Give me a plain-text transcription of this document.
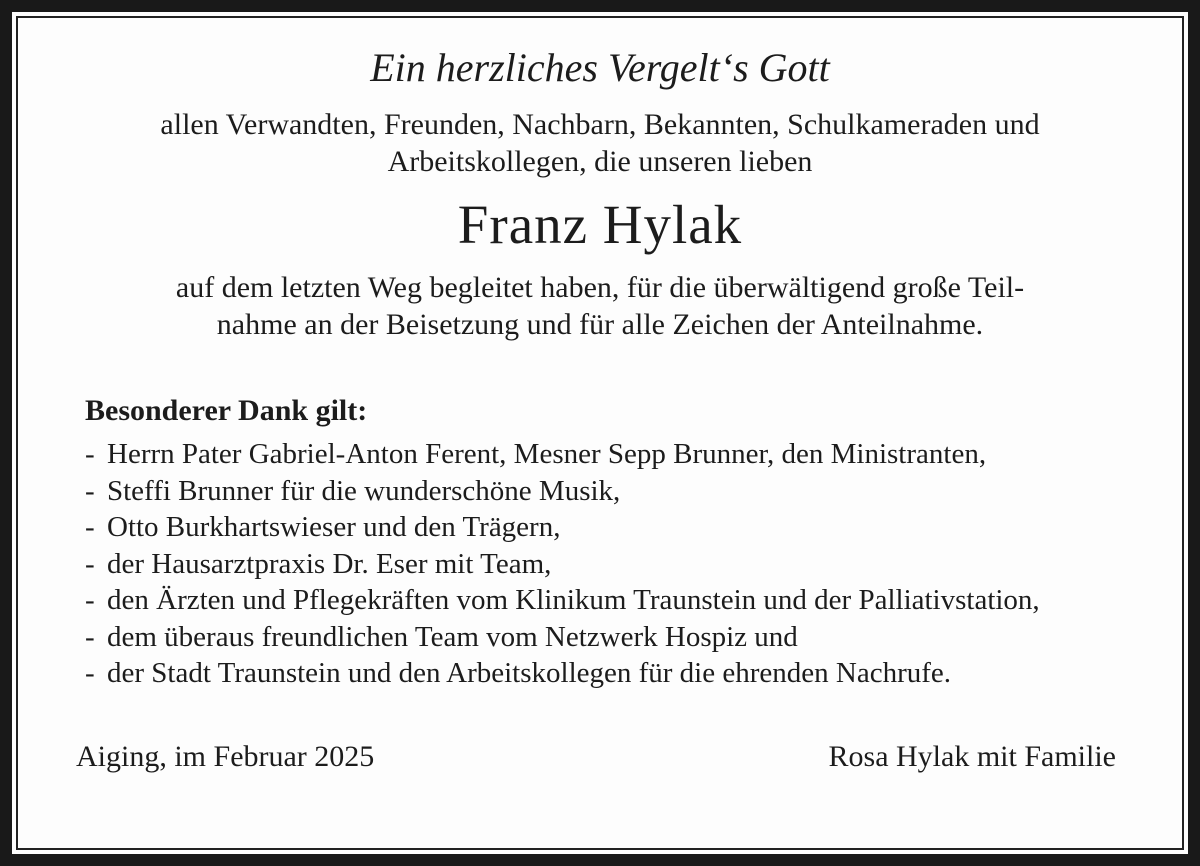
Ein herzliches Vergelt‘s Gott
allen Verwandten, Freunden, Nachbarn, Bekannten, Schulkameraden und
Arbeitskollegen, die unseren lieben
Franz Hylak
auf dem letzten Weg begleitet haben, für die überwältigend große Teil-
nahme an der Beisetzung und für alle Zeichen der Anteilnahme.
Besonderer Dank gilt:
- Herrn Pater Gabriel-Anton Ferent, Mesner Sepp Brunner, den Ministranten,
- Steffi Brunner für die wunderschöne Musik,
- Otto Burkhartswieser und den Trägern,
- der Hausarztpraxis Dr. Eser mit Team,
- den Ärzten und Pflegekräften vom Klinikum Traunstein und der Palliativstation,
- dem überaus freundlichen Team vom Netzwerk Hospiz und
- der Stadt Traunstein und den Arbeitskollegen für die ehrenden Nachrufe.
Aiging, im Februar 2025	Rosa Hylak mit Familie
